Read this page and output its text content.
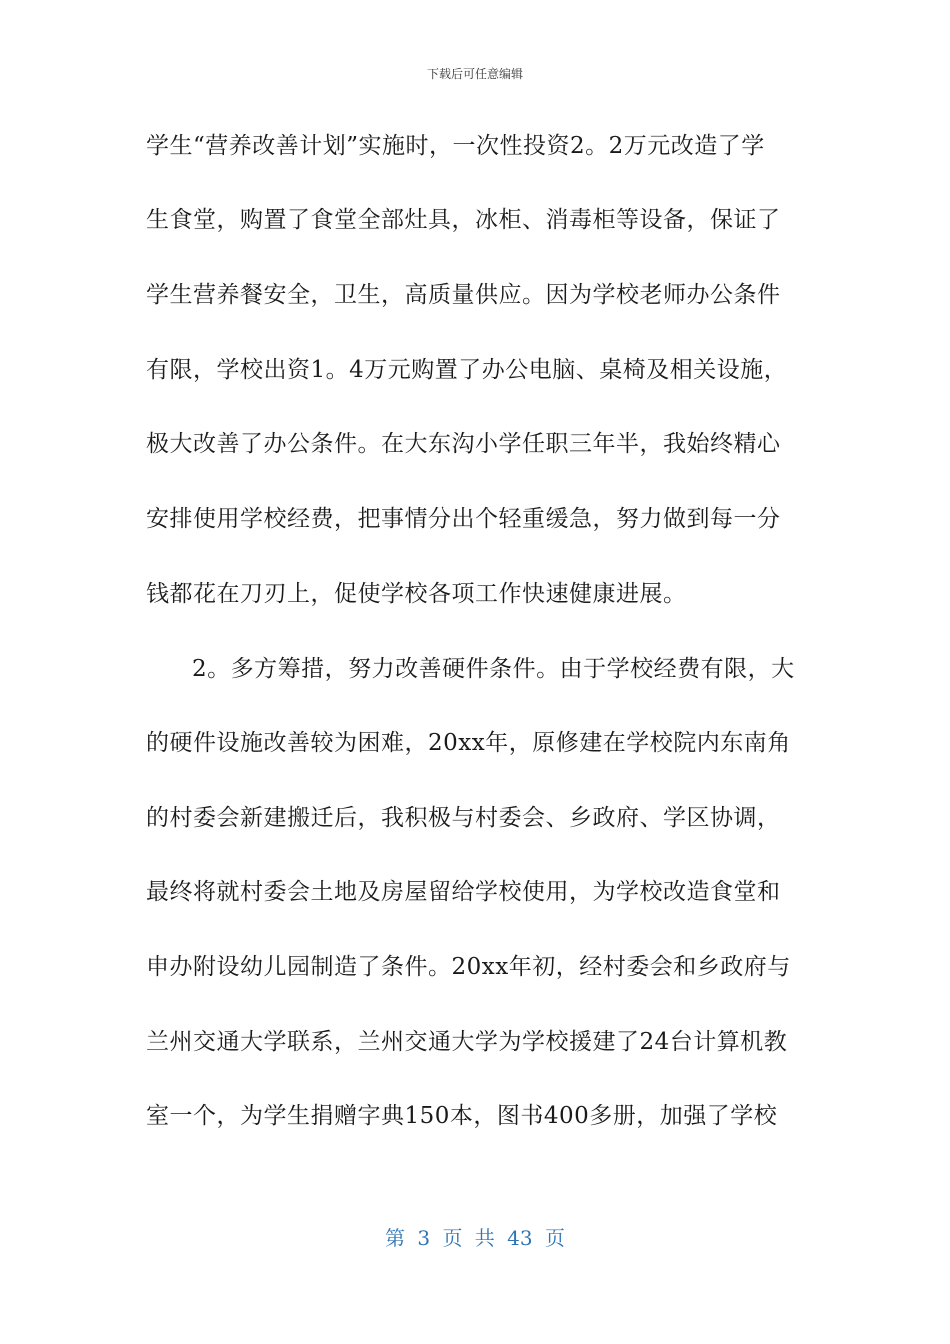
下载后可任意编辑
学生“营养改善计划”实施时，一次性投资2。2万元改造了学
生食堂，购置了食堂全部灶具，冰柜、消毒柜等设备，保证了
学生营养餐安全，卫生，高质量供应。因为学校老师办公条件
有限，学校出资1。4万元购置了办公电脑、桌椅及相关设施，
极大改善了办公条件。在大东沟小学任职三年半，我始终精心
安排使用学校经费，把事情分出个轻重缓急，努力做到每一分
钱都花在刀刃上，促使学校各项工作快速健康进展。
2。多方筹措，努力改善硬件条件。由于学校经费有限，大
的硬件设施改善较为困难，20xx年，原修建在学校院内东南角
的村委会新建搬迁后，我积极与村委会、乡政府、学区协调，
最终将就村委会土地及房屋留给学校使用，为学校改造食堂和
申办附设幼儿园制造了条件。20xx年初，经村委会和乡政府与
兰州交通大学联系，兰州交通大学为学校援建了24台计算机教
室一个，为学生捐赠字典150本，图书400多册，加强了学校
第 3 页 共 43 页
